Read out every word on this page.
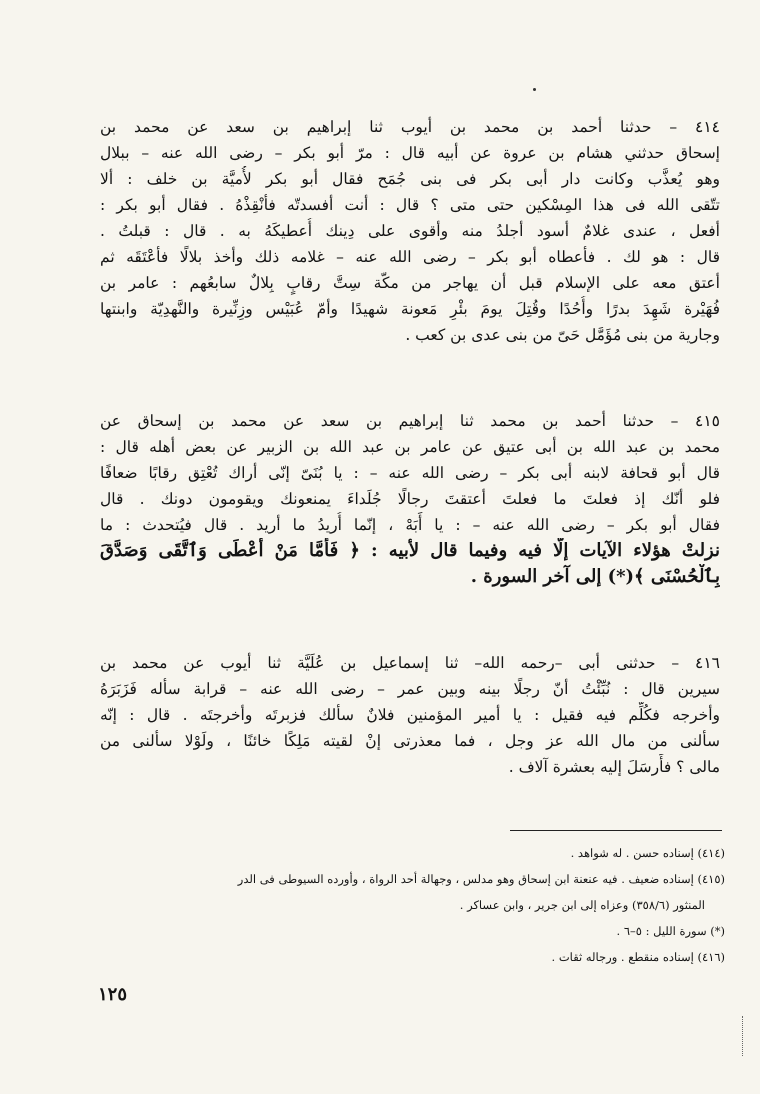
٤١٤ – حدثنا أحمد بن محمد بن أيوب ثنا إبراهيم بن سعد عن محمد بن
إسحاق حدثني هشام بن عروة عن أبيه قال : مرّ أبو بكر – رضى الله عنه – ببلال
وهو يُعذَّب وكانت دار أبى بكر فى بنى جُمَح فقال أبو بكر لأُميَّة بن خلف : ألا
تتّقى الله فى هذا المِسْكين حتى متى ؟ قال : أنت أفسدتّه فأنْقِذْهُ . فقال أبو بكر :
أفعل ، عندى غلامٌ أسود أجلدُ منه وأقوى على دِينك أُعطيكَهُ به . قال : قبلتُ .
قال : هو لك . فأعطاه أبو بكر – رضى الله عنه – غلامه ذلك وأخذ بلالًا فأعْتَقَه ثم
أعتق معه على الإسلام قبل أن يهاجر من مكّة سِتَّ رقابٍ بِلالٌ سابعُهم : عامر بن
فُهَيْرة شَهِدَ بدرًا وأُحُدًا وقُتِلَ يومَ بئْرِ مَعونة شهيدًا وأمّ عُبَيْس وزِنِّيرة والنَّهدِيّة وابنتها
وجارية من بنى مُؤَمَّل حَىّ من بنى عدى بن كعب .
٤١٥ – حدثنا أحمد بن محمد ثنا إبراهيم بن سعد عن محمد بن إسحاق عن
محمد بن عبد الله بن أبى عتيق عن عامر بن عبد الله بن الزبير عن بعض أهله قال :
قال أبو قحافة لابنه أبى بكر – رضى الله عنه – : يا بُنَىّ إنّى أراك تُعْتِق رقابًا ضعافًا
فلو أنّك إذ فعلتَ ما فعلتَ أعتقتَ رجالًا جُلَداءَ يمنعونك ويقومون دونك . قال
فقال أبو بكر – رضى الله عنه – : يا أَبَهْ ، إنّما أُريدُ ما أريد . قال فيُتحدث : ما
نزلتْ هؤلاء الآيات إلّا فيه وفيما قال لأبيه : ﴿ فَأَمَّا مَنْ أَعْطَى وَٱتَّقَى وَصَدَّقَ
بِٱلْحُسْنَى ﴾(*) إلى آخر السورة .
٤١٦ – حدثنى أبى –رحمه الله– ثنا إسماعيل بن عُلَيَّة ثنا أيوب عن محمد بن
سيرين قال : نُبِّئْتُ أنّ رجلًا بينه وبين عمر – رضى الله عنه – قرابة سأله فَزَبَرَهُ
وأخرجه فكُلِّم فيه فقيل : يا أمير المؤمنين فلانٌ سألك فزبرتَه وأخرجتَه . قال : إنّه
سألنى من مال الله عز وجل ، فما معذرتى إنْ لقيته مَلِكًا خائنًا ، ولَوْلا سألنى من
مالى ؟ فأَرسَلَ إليه بعشرة آلاف .
(٤١٤) إسناده حسن . له شواهد .
(٤١٥) إسناده ضعيف . فيه عنعنة ابن إسحاق وهو مدلس ، وجهالة أحد الرواة ، وأورده السيوطى فى الدر
المنثور (٣٥٨/٦) وعزاه إلى ابن جرير ، وابن عساكر .
(*) سورة الليل : ٥–٦ .
(٤١٦) إسناده منقطع . ورجاله ثقات .
١٢٥
